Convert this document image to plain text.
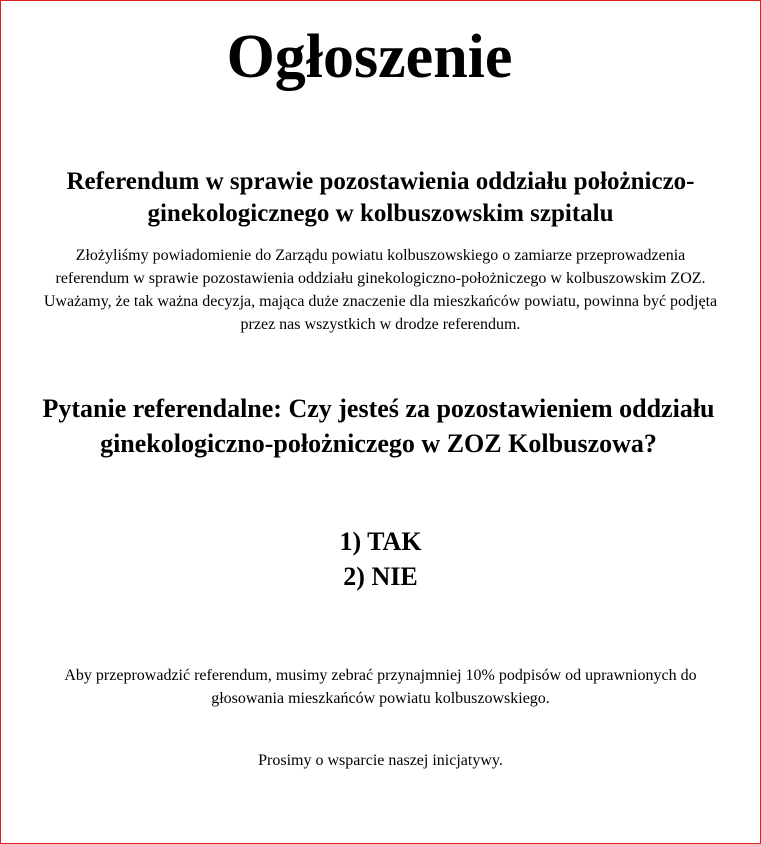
Ogłoszenie
Referendum w sprawie pozostawienia oddziału położniczo-ginekologicznego w kolbuszowskim szpitalu

Złożyliśmy powiadomienie do Zarządu powiatu kolbuszowskiego o zamiarze przeprowadzenia referendum w sprawie pozostawienia oddziału ginekologiczno-położniczego w kolbuszowskim ZOZ. Uważamy, że tak ważna decyzja, mająca duże znaczenie dla mieszkańców powiatu, powinna być podjęta przez nas wszystkich w drodze referendum.

Pytanie referendalne: Czy jesteś za pozostawieniem oddziału ginekologiczno-położniczego w ZOZ Kolbuszowa?
1) TAK
2) NIE

Aby przeprowadzić referendum, musimy zebrać przynajmniej 10% podpisów od uprawnionych do głosowania mieszkańców powiatu kolbuszowskiego.

Prosimy o wsparcie naszej inicjatywy.
